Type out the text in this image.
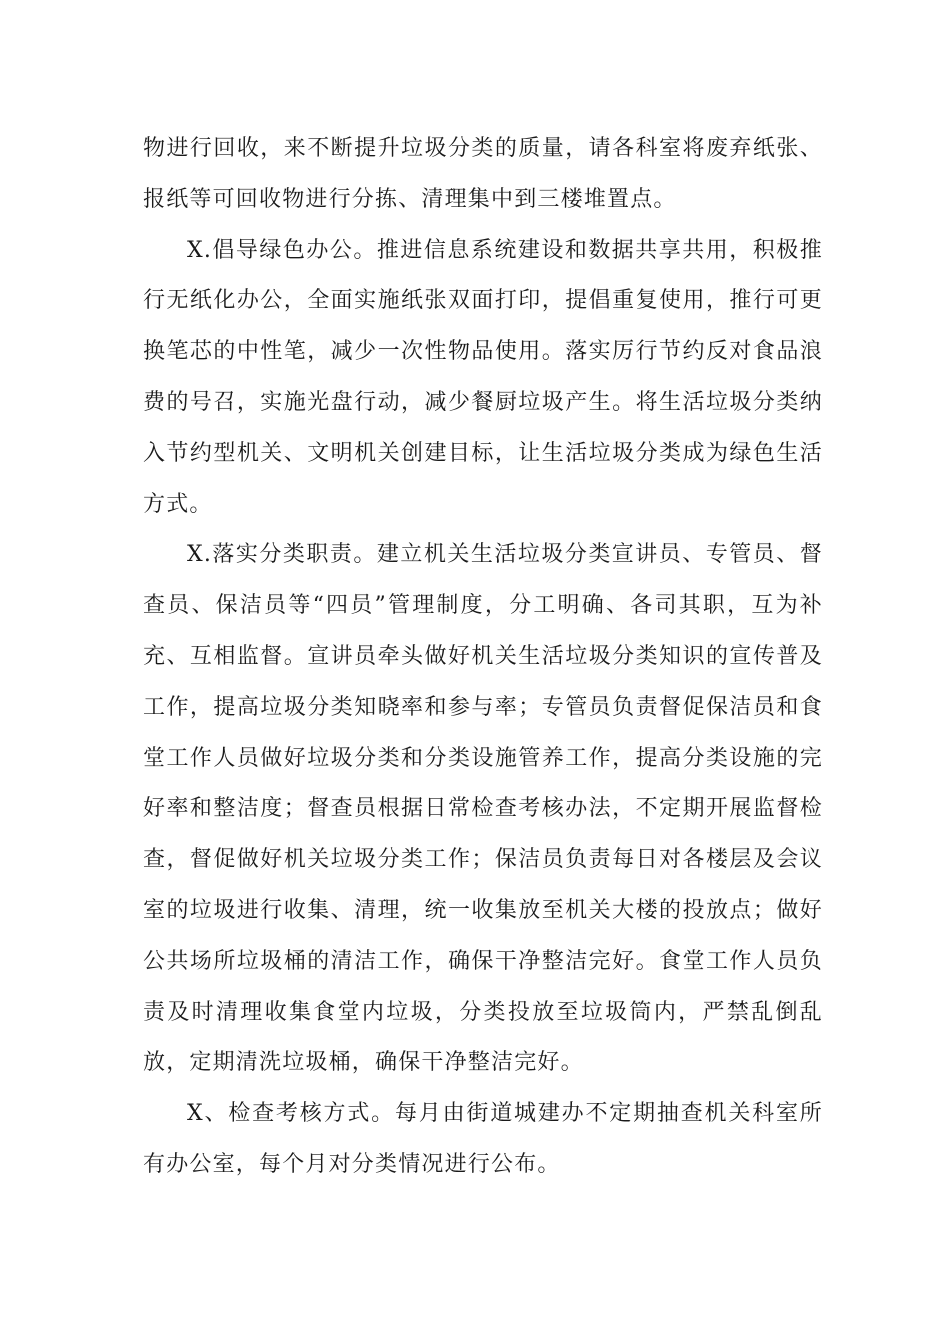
物进行回收，来不断提升垃圾分类的质量，请各科室将废弃纸张、报纸等可回收物进行分拣、清理集中到三楼堆置点。

X.倡导绿色办公。推进信息系统建设和数据共享共用，积极推行无纸化办公，全面实施纸张双面打印，提倡重复使用，推行可更换笔芯的中性笔，减少一次性物品使用。落实厉行节约反对食品浪费的号召，实施光盘行动，减少餐厨垃圾产生。将生活垃圾分类纳入节约型机关、文明机关创建目标，让生活垃圾分类成为绿色生活方式。

X.落实分类职责。建立机关生活垃圾分类宣讲员、专管员、督查员、保洁员等“四员”管理制度，分工明确、各司其职，互为补充、互相监督。宣讲员牵头做好机关生活垃圾分类知识的宣传普及工作，提高垃圾分类知晓率和参与率；专管员负责督促保洁员和食堂工作人员做好垃圾分类和分类设施管养工作，提高分类设施的完好率和整洁度；督查员根据日常检查考核办法，不定期开展监督检查，督促做好机关垃圾分类工作；保洁员负责每日对各楼层及会议室的垃圾进行收集、清理，统一收集放至机关大楼的投放点；做好公共场所垃圾桶的清洁工作，确保干净整洁完好。食堂工作人员负责及时清理收集食堂内垃圾，分类投放至垃圾筒内，严禁乱倒乱放，定期清洗垃圾桶，确保干净整洁完好。

X、检查考核方式。每月由街道城建办不定期抽查机关科室所有办公室，每个月对分类情况进行公布。
